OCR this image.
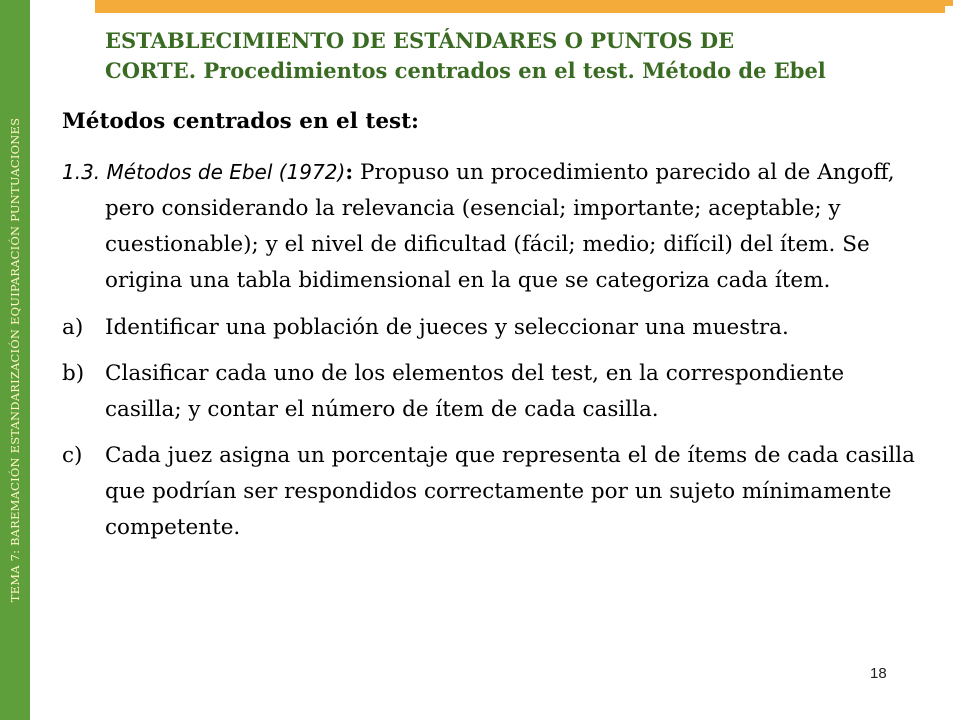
TEMA 7: BAREMACIÓN ESTANDARIZACIÓN EQUIPARACIÓN PUNTUACIONES
ESTABLECIMIENTO DE ESTÁNDARES O PUNTOS DE
CORTE. Procedimientos centrados en el test. Método de Ebel
Métodos centrados en el test:
1.3. Métodos de Ebel (1972): Propuso un procedimiento parecido al de Angoff, pero considerando la relevancia (esencial; importante; aceptable; y cuestionable); y el nivel de dificultad (fácil; medio; difícil) del ítem. Se origina una tabla bidimensional en la que se categoriza cada ítem.
a)	Identificar una población de jueces y seleccionar una muestra.
b) Clasificar cada uno de los elementos del test, en la correspondiente casilla; y contar el número de ítem de cada casilla.
c)	Cada juez asigna un porcentaje que representa el de ítems de cada casilla que podrían ser respondidos correctamente por un sujeto mínimamente competente.
18
